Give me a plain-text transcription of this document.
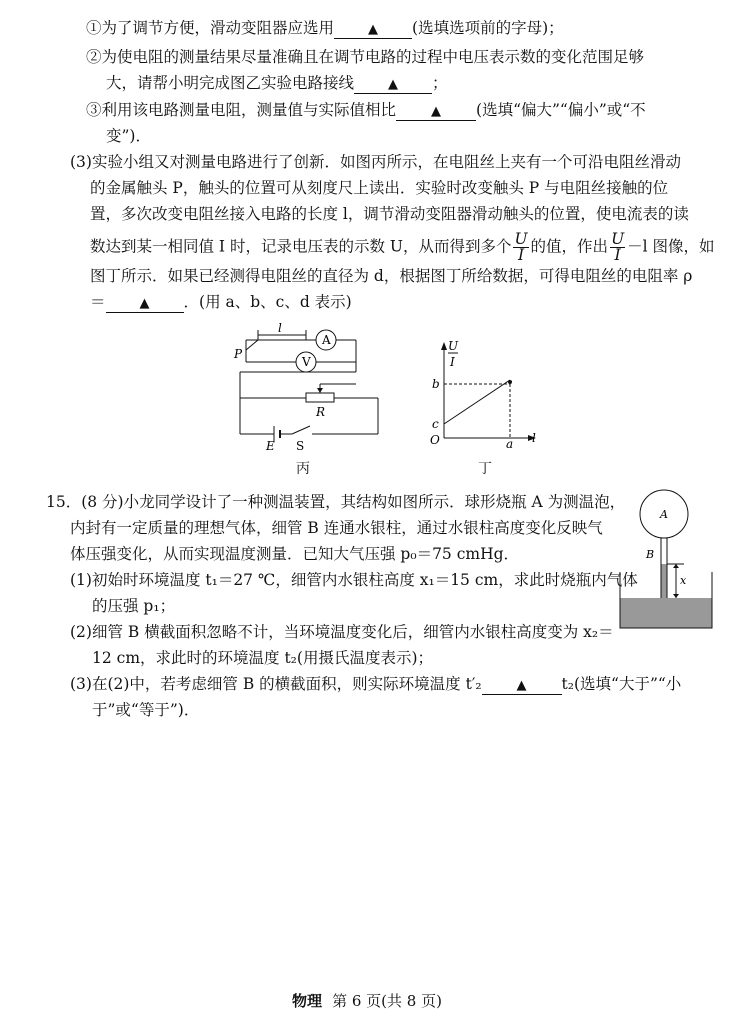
①为了调节方便，滑动变阻器应选用	▲ (选填选项前的字母)；
②为使电阻的测量结果尽量准确且在调节电路的过程中电压表示数的变化范围足够
大，请帮小明完成图乙实验电路接线	▲ ；
③利用该电路测量电阻，测量值与实际值相比	▲ (选填“偏大”“偏小”或“不
变”)．
(3)实验小组又对测量电路进行了创新．如图丙所示，在电阻丝上夹有一个可沿电阻丝滑动
的金属触头 P，触头的位置可从刻度尺上读出．实验时改变触头 P 与电阻丝接触的位
置，多次改变电阻丝接入电路的长度 l，调节滑动变阻器滑动触头的位置，使电流表的读
数达到某一相同值 I 时，记录电压表的示数 U，从而得到多个 $\frac{U}{I}$ 的值，作出 $\frac{U}{I} -l$ 图像，如
图丁所示．如果已经测得电阻丝的直径为 d，根据图丁所给数据，可得电阻丝的电阻率 ρ
＝	▲ ．(用 a、b、c、d 表示)
l
A
P
V
R
E S
丙
U
I
l
b
c
O	a
丁
15．(8 分)小龙同学设计了一种测温装置，其结构如图所示．球形烧瓶 A 为测温泡，
内封有一定质量的理想气体，细管 B 连通水银柱，通过水银柱高度变化反映气
体压强变化，从而实现温度测量．已知大气压强 p₀＝75 cmHg．
(1)初始时环境温度 t₁＝27 ℃，细管内水银柱高度 x₁＝15 cm，求此时烧瓶内气体
的压强 p₁；
(2)细管 B 横截面积忽略不计，当环境温度变化后，细管内水银柱高度变为 x₂＝
12 cm，求此时的环境温度 t₂(用摄氏温度表示)；
(3)在(2)中，若考虑细管 B 的横截面积，则实际环境温度 t′₂	▲ t₂(选填“大于”“小
于”或“等于”)．
A
B
x
物理 第 6 页(共 8 页)
